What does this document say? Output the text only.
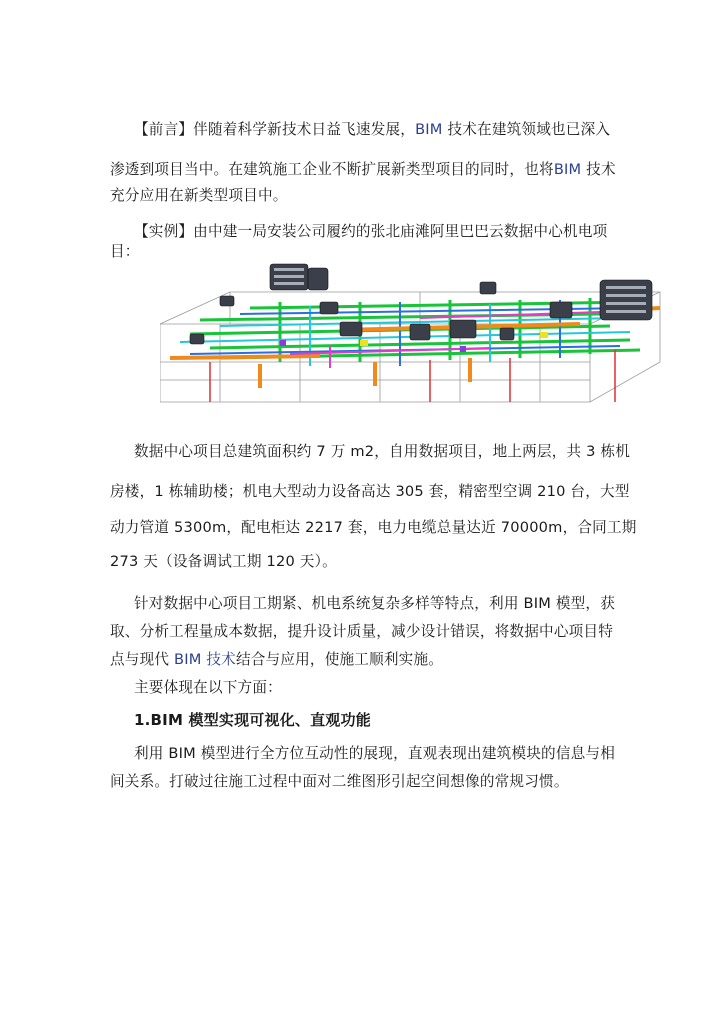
【前言】伴随着科学新技术日益飞速发展，BIM 技术在建筑领域也已深入
渗透到项目当中。在建筑施工企业不断扩展新类型项目的同时，也将BIM 技术
充分应用在新类型项目中。
【实例】由中建一局安装公司履约的张北庙滩阿里巴巴云数据中心机电项
目：
数据中心项目总建筑面积约 7 万 m2，自用数据项目，地上两层，共 3 栋机
房楼，1 栋辅助楼；机电大型动力设备高达 305 套，精密型空调 210 台，大型
动力管道 5300m，配电柜达 2217 套，电力电缆总量达近 70000m，合同工期
273 天（设备调试工期 120 天）。
针对数据中心项目工期紧、机电系统复杂多样等特点，利用 BIM 模型，获
取、分析工程量成本数据，提升设计质量，减少设计错误，将数据中心项目特
点与现代 BIM 技术结合与应用，使施工顺利实施。
主要体现在以下方面：
1.BIM 模型实现可视化、直观功能
利用 BIM 模型进行全方位互动性的展现，直观表现出建筑模块的信息与相
间关系。打破过往施工过程中面对二维图形引起空间想像的常规习惯。
